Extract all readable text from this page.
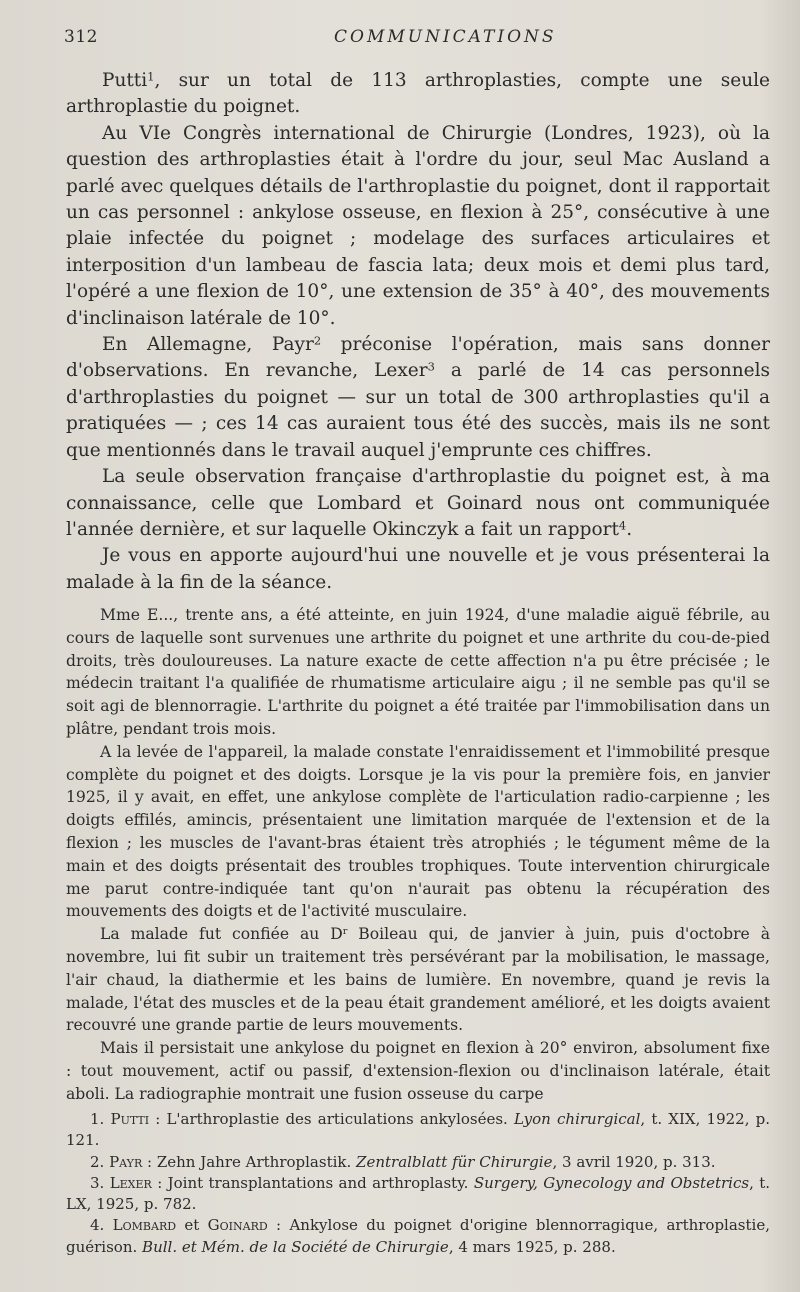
312	COMMUNICATIONS

Putti$^1$, sur un total de 113 arthroplasties, compte une seule arthroplastie du poignet.

Au VIe Congrès international de Chirurgie (Londres, 1923), où la question des arthroplasties était à l'ordre du jour, seul Mac Ausland a parlé avec quelques détails de l'arthroplastie du poignet, dont il rapportait un cas personnel : ankylose osseuse, en flexion à 25°, consécutive à une plaie infectée du poignet ; modelage des surfaces articulaires et interposition d'un lambeau de fascia lata; deux mois et demi plus tard, l'opéré a une flexion de 10°, une extension de 35° à 40°, des mouvements d'inclinaison latérale de 10°.

En Allemagne, Payr$^2$ préconise l'opération, mais sans donner d'observations. En revanche, Lexer$^3$ a parlé de 14 cas personnels d'arthroplasties du poignet — sur un total de 300 arthroplasties qu'il a pratiquées — ; ces 14 cas auraient tous été des succès, mais ils ne sont que mentionnés dans le travail auquel j'emprunte ces chiffres.

La seule observation française d'arthroplastie du poignet est, à ma connaissance, celle que Lombard et Goinard nous ont communiquée l'année dernière, et sur laquelle Okinczyk a fait un rapport$^4$.

Je vous en apporte aujourd'hui une nouvelle et je vous présenterai la malade à la fin de la séance.

Mme E..., trente ans, a été atteinte, en juin 1924, d'une maladie aiguë fébrile, au cours de laquelle sont survenues une arthrite du poignet et une arthrite du cou-de-pied droits, très douloureuses. La nature exacte de cette affection n'a pu être précisée ; le médecin traitant l'a qualifiée de rhumatisme articulaire aigu ; il ne semble pas qu'il se soit agi de blennorragie. L'arthrite du poignet a été traitée par l'immobilisation dans un plâtre, pendant trois mois.

A la levée de l'appareil, la malade constate l'enraidissement et l'immobilité presque complète du poignet et des doigts. Lorsque je la vis pour la première fois, en janvier 1925, il y avait, en effet, une ankylose complète de l'articulation radio-carpienne ; les doigts effilés, amincis, présentaient une limitation marquée de l'extension et de la flexion ; les muscles de l'avant-bras étaient très atrophiés ; le tégument même de la main et des doigts présentait des troubles trophiques. Toute intervention chirurgicale me parut contre-indiquée tant qu'on n'aurait pas obtenu la récupération des mouvements des doigts et de l'activité musculaire.

La malade fut confiée au $D^r$ Boileau qui, de janvier à juin, puis d'octobre à novembre, lui fit subir un traitement très persévérant par la mobilisation, le massage, l'air chaud, la diathermie et les bains de lumière. En novembre, quand je revis la malade, l'état des muscles et de la peau était grandement amélioré, et les doigts avaient recouvré une grande partie de leurs mouvements.

Mais il persistait une ankylose du poignet en flexion à 20° environ, absolument fixe : tout mouvement, actif ou passif, d'extension-flexion ou d'inclinaison latérale, était aboli. La radiographie montrait une fusion osseuse du carpe

1. Putti : L'arthroplastie des articulations ankylosées. Lyon chirurgical, t. XIX, 1922, p. 121.

2. Payr : Zehn Jahre Arthroplastik. Zentralblatt für Chirurgie, 3 avril 1920, p. 313.

3. Lexer : Joint transplantations and arthroplasty. Surgery, Gynecology and Obstetrics, t. LX, 1925, p. 782.

4. Lombard et Goinard : Ankylose du poignet d'origine blennorragique, arthroplastie, guérison. Bull. et Mém. de la Société de Chirurgie, 4 mars 1925, p. 288.
